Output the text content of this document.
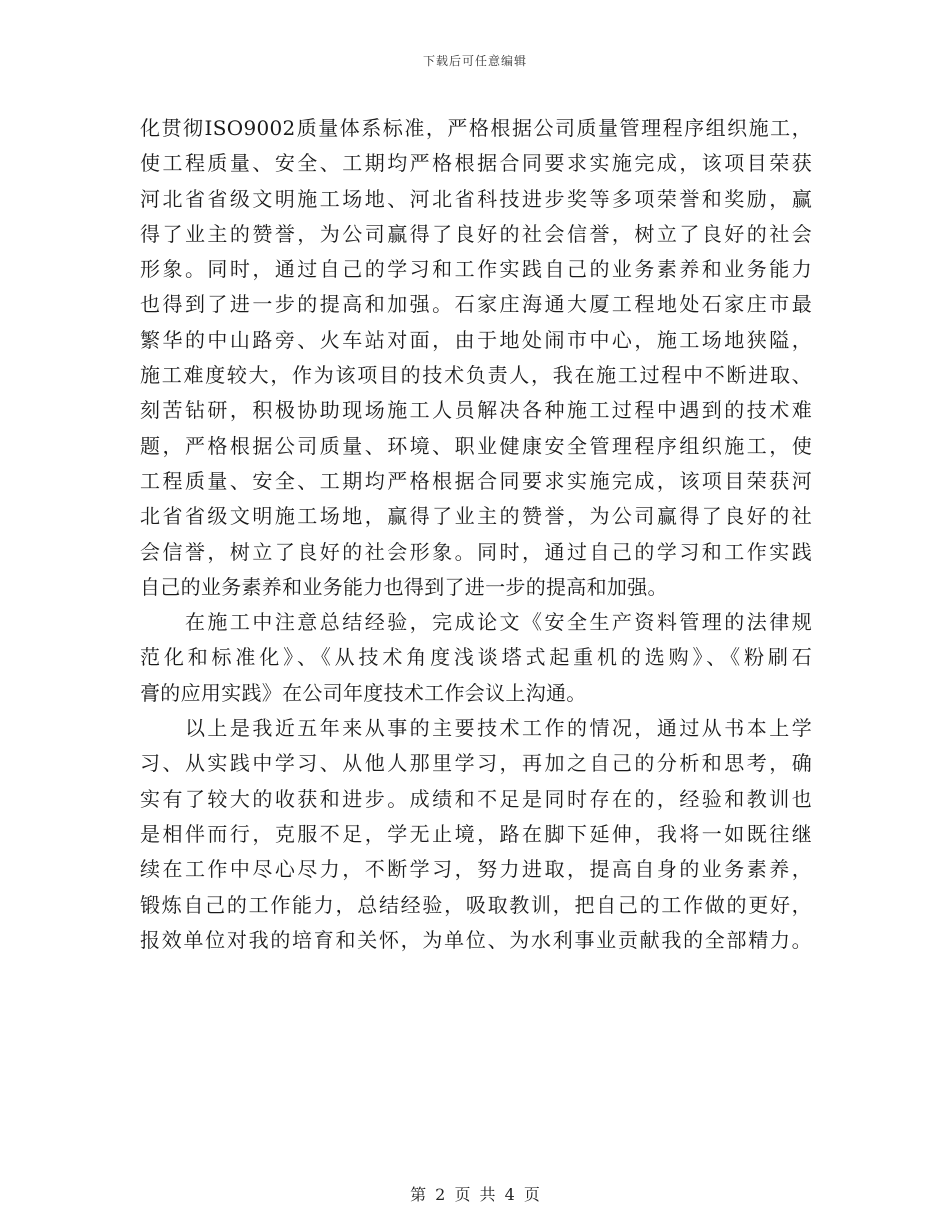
下载后可任意编辑
化贯彻ISO9002质量体系标准，严格根据公司质量管理程序组织施工，
使工程质量、安全、工期均严格根据合同要求实施完成，该项目荣获
河北省省级文明施工场地、河北省科技进步奖等多项荣誉和奖励，赢
得了业主的赞誉，为公司赢得了良好的社会信誉，树立了良好的社会
形象。同时，通过自己的学习和工作实践自己的业务素养和业务能力
也得到了进一步的提高和加强。石家庄海通大厦工程地处石家庄市最
繁华的中山路旁、火车站对面，由于地处闹市中心，施工场地狭隘，
施工难度较大，作为该项目的技术负责人，我在施工过程中不断进取、
刻苦钻研，积极协助现场施工人员解决各种施工过程中遇到的技术难
题，严格根据公司质量、环境、职业健康安全管理程序组织施工，使
工程质量、安全、工期均严格根据合同要求实施完成，该项目荣获河
北省省级文明施工场地，赢得了业主的赞誉，为公司赢得了良好的社
会信誉，树立了良好的社会形象。同时，通过自己的学习和工作实践
自己的业务素养和业务能力也得到了进一步的提高和加强。
　　在施工中注意总结经验，完成论文《安全生产资料管理的法律规
范化和标准化》、《从技术角度浅谈塔式起重机的选购》、《粉刷石
膏的应用实践》在公司年度技术工作会议上沟通。
　　以上是我近五年来从事的主要技术工作的情况，通过从书本上学
习、从实践中学习、从他人那里学习，再加之自己的分析和思考，确
实有了较大的收获和进步。成绩和不足是同时存在的，经验和教训也
是相伴而行，克服不足，学无止境，路在脚下延伸，我将一如既往继
续在工作中尽心尽力，不断学习，努力进取，提高自身的业务素养，
锻炼自己的工作能力，总结经验，吸取教训，把自己的工作做的更好，
报效单位对我的培育和关怀，为单位、为水利事业贡献我的全部精力。
第 2 页 共 4 页
